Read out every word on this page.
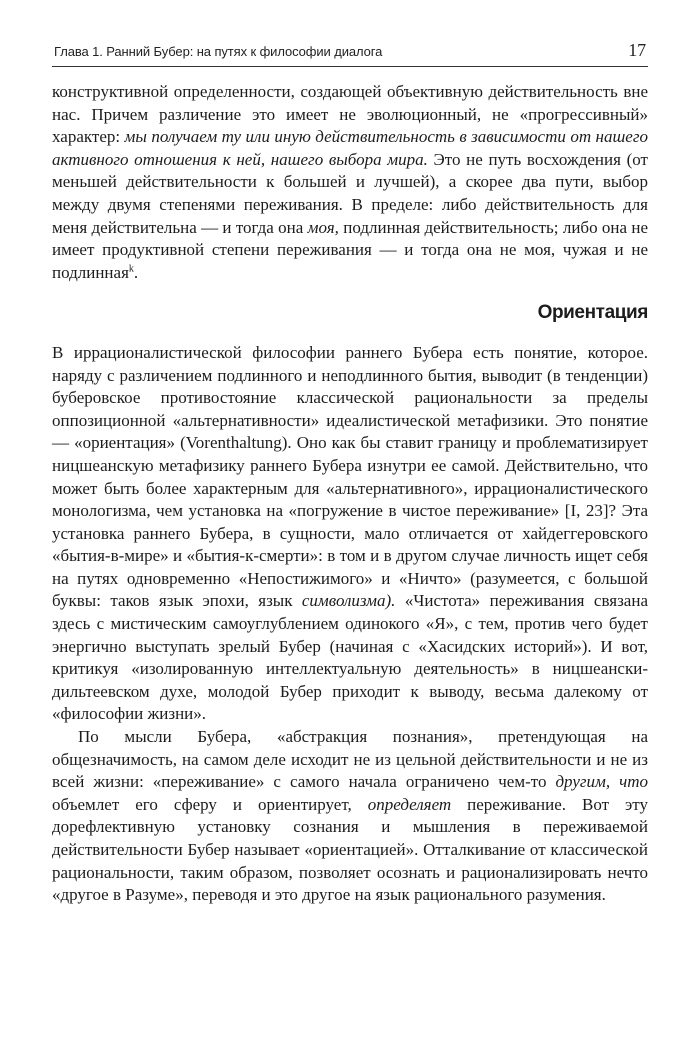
Глава 1. Ранний Бубер: на путях к философии диалога	17

конструктивной определенности, создающей объективную действительность вне нас. Причем различение это имеет не эволюционный, не «прогрессивный» характер: мы получаем ту или иную действительность в зависимости от нашего активного отношения к ней, нашего выбора мира. Это не путь восхождения (от меньшей действительности к большей и лучшей), а скорее два пути, выбор между двумя степенями переживания. В пределе: либо действительность для меня действительна — и тогда она моя, подлинная действительность; либо она не имеет продуктивной степени переживания — и тогда она не моя, чужая и не подлинная$^k$.

Ориентация

В иррационалистической философии раннего Бубера есть понятие, которое. наряду с различением подлинного и неподлинного бытия, выводит (в тенденции) буберовское противостояние классической рациональности за пределы оппозиционной «альтернативности» идеалистической метафизики. Это понятие — «ориентация» (Vorenthaltung). Оно как бы ставит границу и проблематизирует ницшеанскую метафизику раннего Бубера изнутри ее самой. Действительно, что может быть более характерным для «альтернативного», иррационалистического монологизма, чем установка на «погружение в чистое переживание» [I, 23]? Эта установка раннего Бубера, в сущности, мало отличается от хайдеггеровского «бытия-в-мире» и «бытия-к-смерти»: в том и в другом случае личность ищет себя на путях одновременно «Непостижимого» и «Ничто» (разумеется, с большой буквы: таков язык эпохи, язык символизма). «Чистота» переживания связана здесь с мистическим самоуглублением одинокого «Я», с тем, против чего будет энергично выступать зрелый Бубер (начиная с «Хасидских историй»). И вот, критикуя «изолированную интеллектуальную деятельность» в ницшеански-дильтеевском духе, молодой Бубер приходит к выводу, весьма далекому от «философии жизни».

По мысли Бубера, «абстракция познания», претендующая на общезначимость, на самом деле исходит не из цельной действительности и не из всей жизни: «переживание» с самого начала ограничено чем-то другим, что объемлет его сферу и ориентирует, определяет переживание. Вот эту дорефлективную установку сознания и мышления в переживаемой действительности Бубер называет «ориентацией». Отталкивание от классической рациональности, таким образом, позволяет осознать и рационализировать нечто «другое в Разуме», переводя и это другое на язык рационального разумения.
